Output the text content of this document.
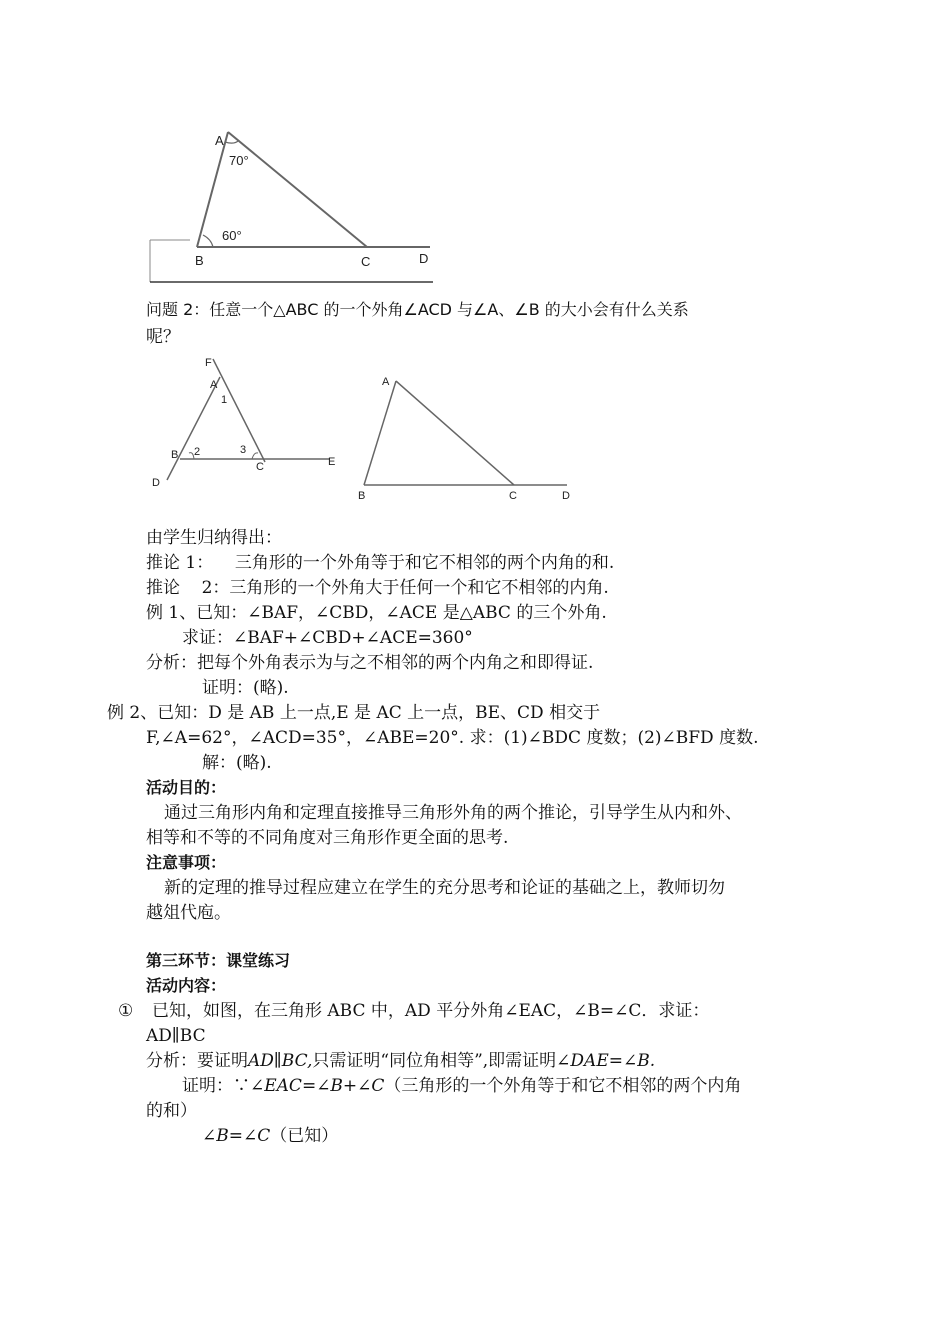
A
70°
60°
B	C	D
问题 2：任意一个△ABC 的一个外角∠ACD 与∠A、∠B 的大小会有什么关系
呢？
F
A
1
B 2	3
C	E
D
A
B	C	D
由学生归纳得出：
推论 1：    三角形的一个外角等于和它不相邻的两个内角的和.
推论    2：三角形的一个外角大于任何一个和它不相邻的内角.
例 1、已知：∠BAF，∠CBD，∠ACE 是△ABC 的三个外角.
求证：∠BAF+∠CBD+∠ACE=360°
分析：把每个外角表示为与之不相邻的两个内角之和即得证.
证明：(略).
例 2、已知：D 是 AB 上一点,E 是 AC 上一点，BE、CD 相交于
F,∠A=62°，∠ACD=35°，∠ABE=20°. 求：(1)∠BDC 度数；(2)∠BFD 度数.
解：(略).
活动目的：
通过三角形内角和定理直接推导三角形外角的两个推论，引导学生从内和外、
相等和不等的不同角度对三角形作更全面的思考.
注意事项：
新的定理的推导过程应建立在学生的充分思考和论证的基础之上，教师切勿
越俎代庖。
第三环节：课堂练习
活动内容：
① 已知，如图，在三角形 ABC 中，AD 平分外角∠EAC，∠B=∠C．求证：
AD∥BC
分析：要证明AD∥BC,只需证明“同位角相等”,即需证明∠DAE=∠B.
证明：∵∠EAC=∠B+∠C（三角形的一个外角等于和它不相邻的两个内角
的和）
∠B=∠C（已知）
